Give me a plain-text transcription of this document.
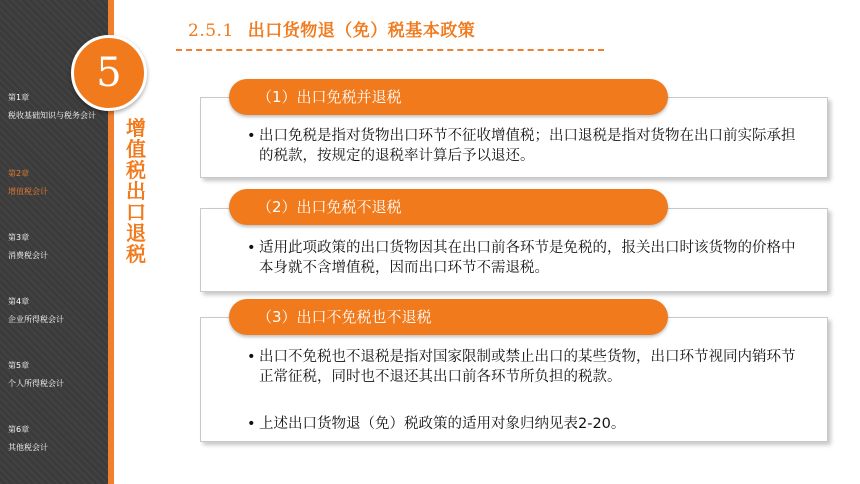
第1章
税收基础知识与税务会计
第2章
增值税会计
第3章
消费税会计
第4章
企业所得税会计
第5章
个人所得税会计
第6章
其他税会计
5
增值税出口退税
2.5.1 出口货物退（免）税基本政策
（1）出口免税并退税
• 出口免税是指对货物出口环节不征收增值税；出口退税是指对货物在出口前实际承担的税款，按规定的退税率计算后予以退还。
（2）出口免税不退税
• 适用此项政策的出口货物因其在出口前各环节是免税的，报关出口时该货物的价格中本身就不含增值税，因而出口环节不需退税。
（3）出口不免税也不退税
• 出口不免税也不退税是指对国家限制或禁止出口的某些货物，出口环节视同内销环节正常征税，同时也不退还其出口前各环节所负担的税款。
• 上述出口货物退（免）税政策的适用对象归纳见表2-20。
